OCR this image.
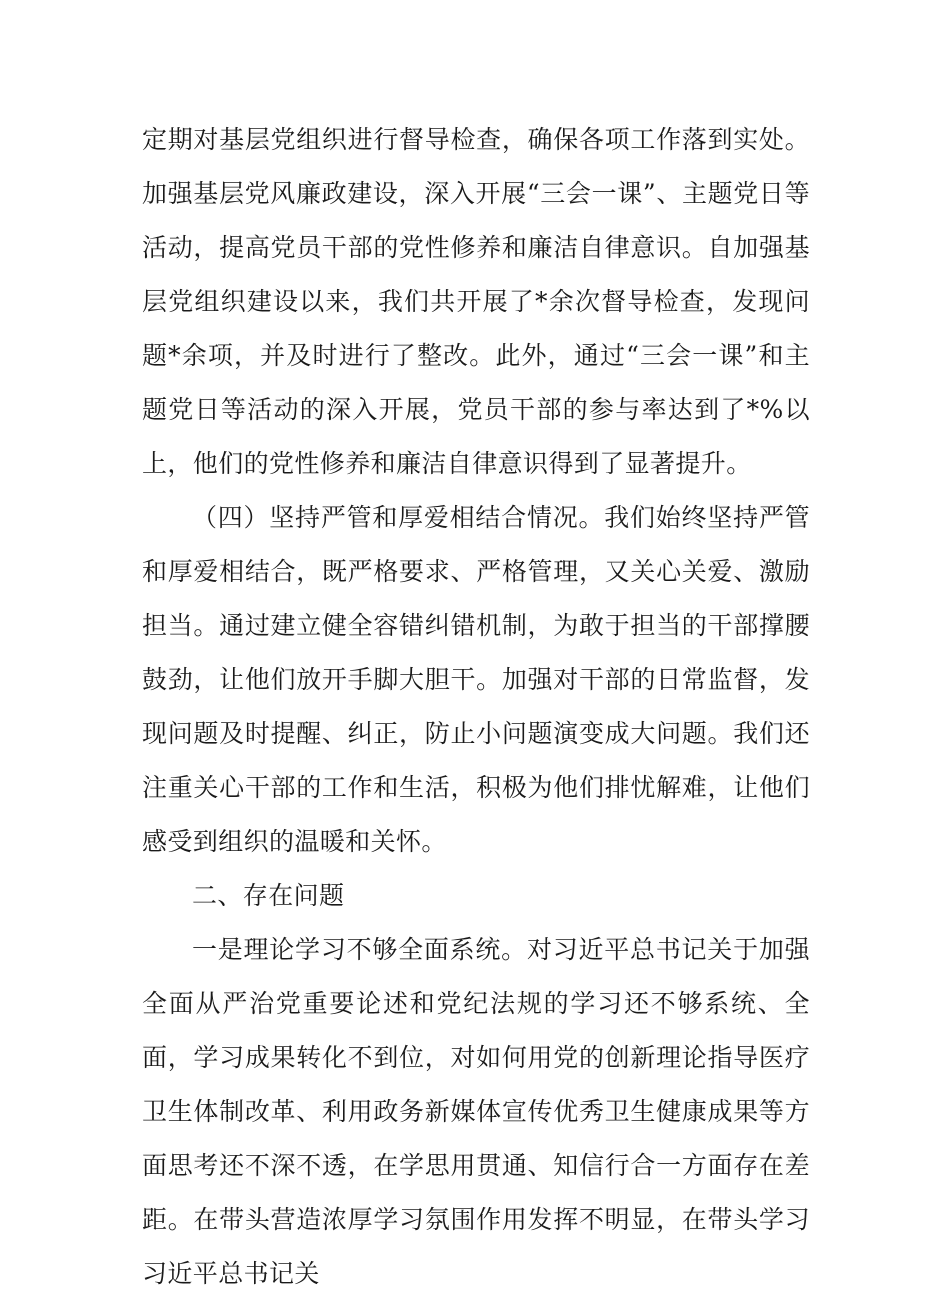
定期对基层党组织进行督导检查，确保各项工作落到实处。加强基层党风廉政建设，深入开展“三会一课”、主题党日等活动，提高党员干部的党性修养和廉洁自律意识。自加强基层党组织建设以来，我们共开展了*余次督导检查，发现问题*余项，并及时进行了整改。此外，通过“三会一课”和主题党日等活动的深入开展，党员干部的参与率达到了*%以上，他们的党性修养和廉洁自律意识得到了显著提升。

（四）坚持严管和厚爱相结合情况。我们始终坚持严管和厚爱相结合，既严格要求、严格管理，又关心关爱、激励担当。通过建立健全容错纠错机制，为敢于担当的干部撑腰鼓劲，让他们放开手脚大胆干。加强对干部的日常监督，发现问题及时提醒、纠正，防止小问题演变成大问题。我们还注重关心干部的工作和生活，积极为他们排忧解难，让他们感受到组织的温暖和关怀。

二、存在问题

一是理论学习不够全面系统。对习近平总书记关于加强全面从严治党重要论述和党纪法规的学习还不够系统、全面，学习成果转化不到位，对如何用党的创新理论指导医疗卫生体制改革、利用政务新媒体宣传优秀卫生健康成果等方面思考还不深不透，在学思用贯通、知信行合一方面存在差距。在带头营造浓厚学习氛围作用发挥不明显，在带头学习习近平总书记关
